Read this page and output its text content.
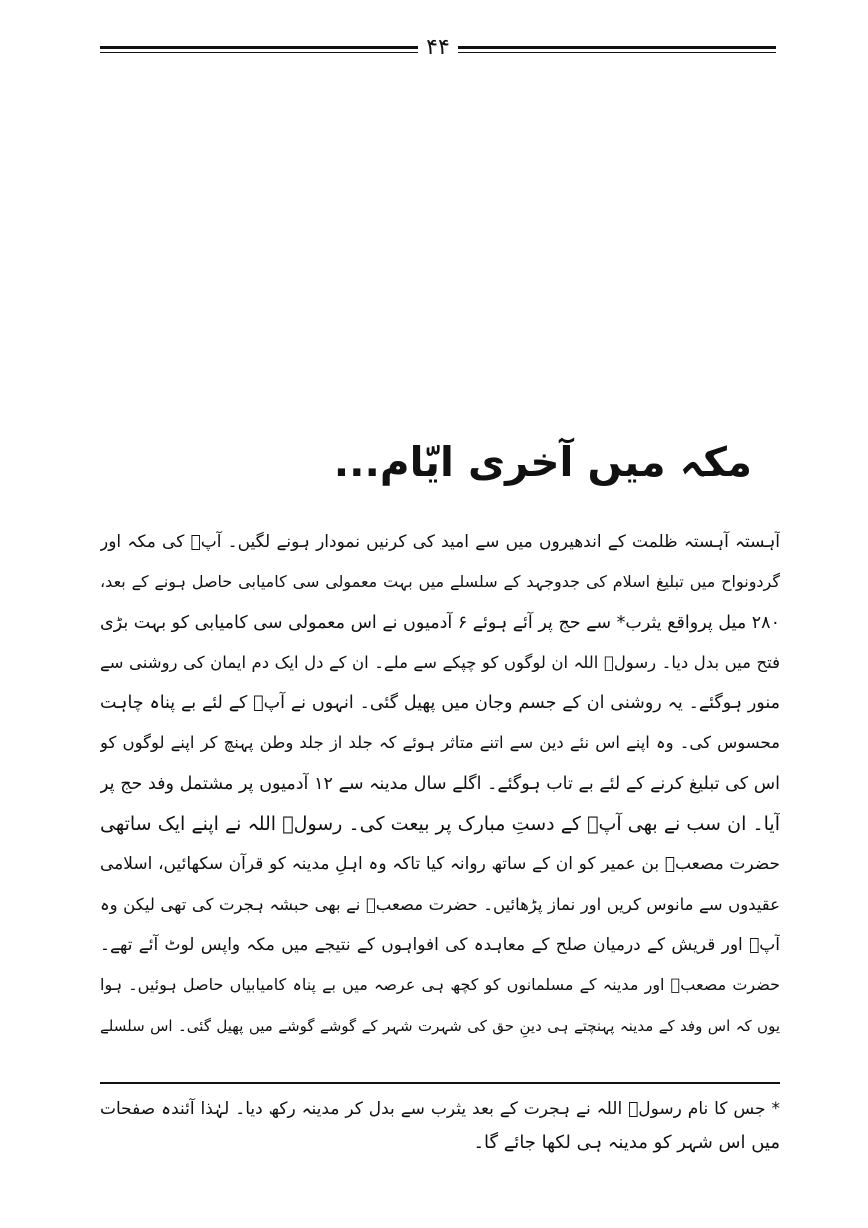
۴۴
مکہ میں آخری ایّام...
آہستہ آہستہ ظلمت کے اندھیروں میں سے امید کی کرنیں نمودار ہونے لگیں۔ آپؐ کی مکہ اور
گردونواح میں تبلیغ اسلام کی جدوجہد کے سلسلے میں بہت معمولی سی کامیابی حاصل ہونے کے بعد،
۲۸۰ میل پرواقع یثرب* سے حج پر آئے ہوئے ۶ آدمیوں نے اس معمولی سی کامیابی کو بہت بڑی
فتح میں بدل دیا۔ رسولؐ اللہ ان لوگوں کو چپکے سے ملے۔ ان کے دل ایک دم ایمان کی روشنی سے
منور ہوگئے۔ یہ روشنی ان کے جسم وجان میں پھیل گئی۔ انہوں نے آپؐ کے لئے بے پناہ چاہت
محسوس کی۔ وہ اپنے اس نئے دین سے اتنے متاثر ہوئے کہ جلد از جلد وطن پہنچ کر اپنے لوگوں کو
اس کی تبلیغ کرنے کے لئے بے تاب ہوگئے۔ اگلے سال مدینہ سے ۱۲ آدمیوں پر مشتمل وفد حج پر
آیا۔ ان سب نے بھی آپؐ کے دستِ مبارک پر بیعت کی۔ رسولؐ اللہ نے اپنے ایک ساتھی
حضرت مصعبؓ بن عمیر کو ان کے ساتھ روانہ کیا تاکہ وہ اہلِ مدینہ کو قرآن سکھائیں، اسلامی
عقیدوں سے مانوس کریں اور نماز پڑھائیں۔ حضرت مصعبؓ نے بھی حبشہ ہجرت کی تھی لیکن وہ
آپؐ اور قریش کے درمیان صلح کے معاہدہ کی افواہوں کے نتیجے میں مکہ واپس لوٹ آئے تھے۔
حضرت مصعبؓ اور مدینہ کے مسلمانوں کو کچھ ہی عرصہ میں بے پناہ کامیابیاں حاصل ہوئیں۔ ہوا
یوں کہ اس وفد کے مدینہ پہنچتے ہی دینِ حق کی شہرت شہر کے گوشے گوشے میں پھیل گئی۔ اس سلسلے
* جس کا نام رسولؐ اللہ نے ہجرت کے بعد یثرب سے بدل کر مدینہ رکھ دیا۔ لہٰذا آئندہ صفحات
میں اس شہر کو مدینہ ہی لکھا جائے گا۔
